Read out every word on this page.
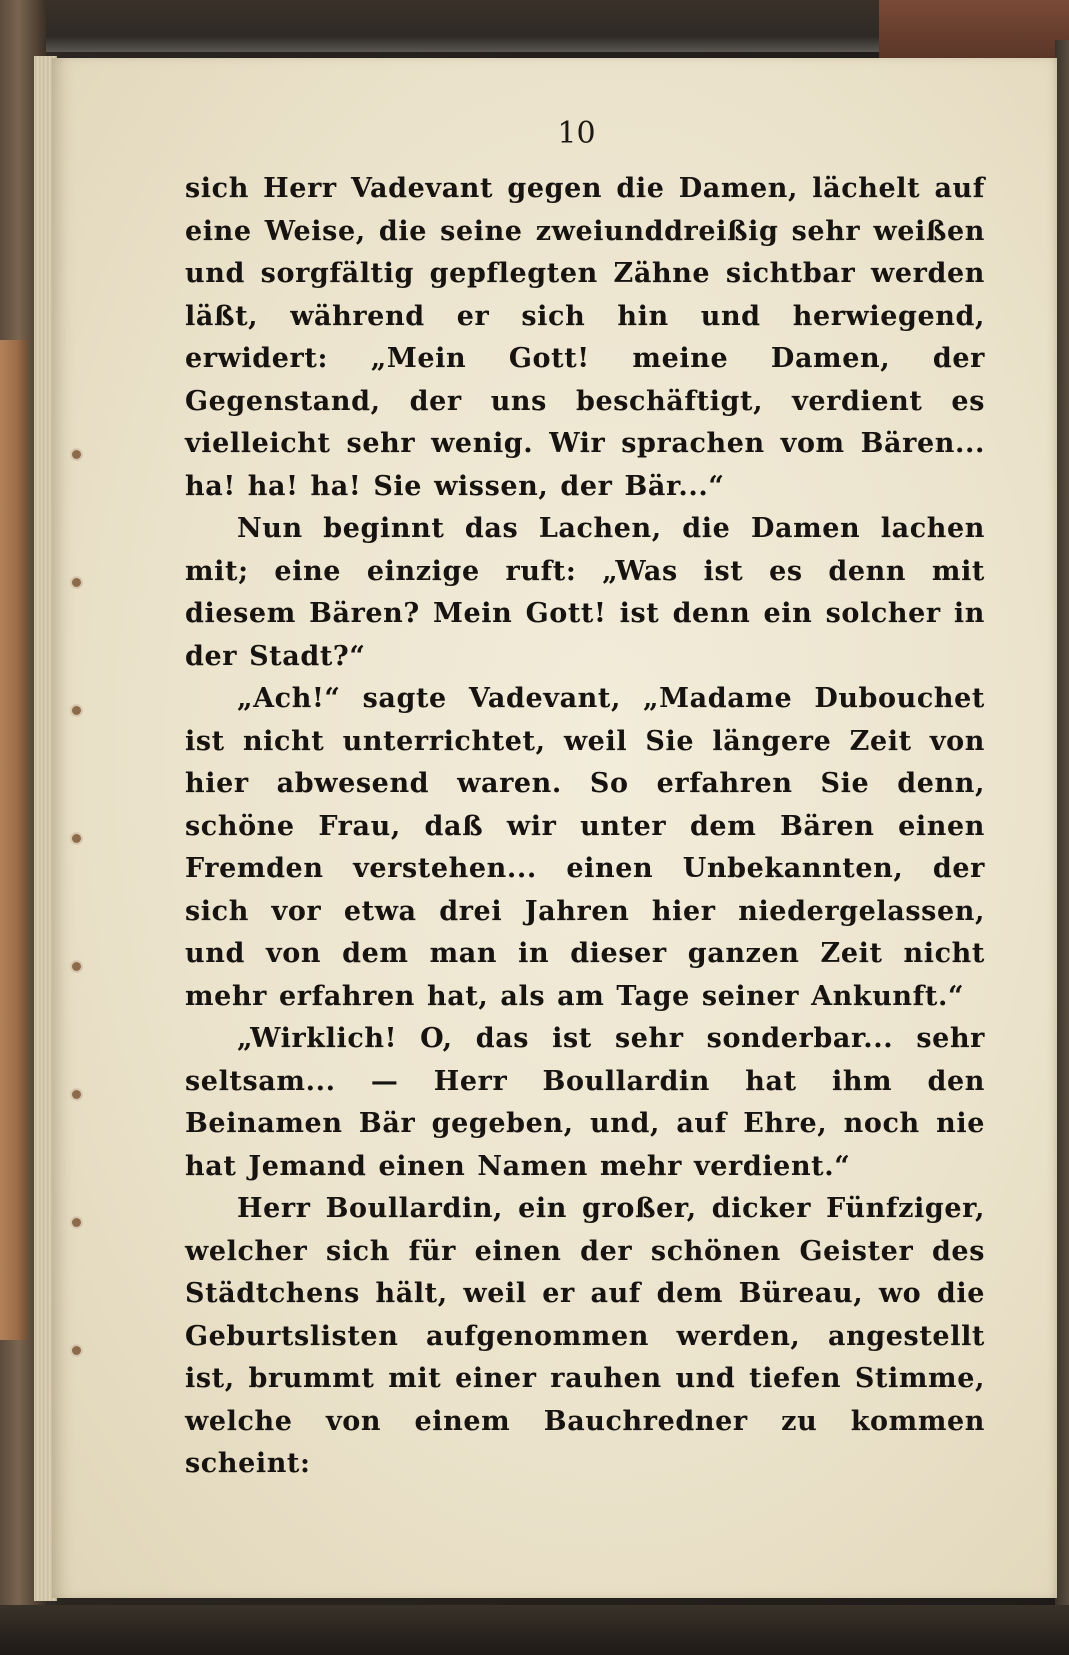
10

sich Herr Vadevant gegen die Damen, lächelt auf eine Weise, die seine zweiunddreißig sehr weißen und sorgfältig gepflegten Zähne sichtbar werden läßt, während er sich hin und herwiegend, erwidert: „Mein Gott! meine Damen, der Gegenstand, der uns beschäftigt, verdient es vielleicht sehr wenig. Wir sprachen vom Bären... ha! ha! ha! Sie wissen, der Bär...“

Nun beginnt das Lachen, die Damen lachen mit; eine einzige ruft: „Was ist es denn mit diesem Bären? Mein Gott! ist denn ein solcher in der Stadt?“

„Ach!“ sagte Vadevant, „Madame Dubouchet ist nicht unterrichtet, weil Sie längere Zeit von hier abwesend waren. So erfahren Sie denn, schöne Frau, daß wir unter dem Bären einen Fremden verstehen... einen Unbekannten, der sich vor etwa drei Jahren hier niedergelassen, und von dem man in dieser ganzen Zeit nicht mehr erfahren hat, als am Tage seiner Ankunft.“

„Wirklich! O, das ist sehr sonderbar... sehr seltsam... — Herr Boullardin hat ihm den Beinamen Bär gegeben, und, auf Ehre, noch nie hat Jemand einen Namen mehr verdient.“

Herr Boullardin, ein großer, dicker Fünfziger, welcher sich für einen der schönen Geister des Städtchens hält, weil er auf dem Büreau, wo die Geburtslisten aufgenommen werden, angestellt ist, brummt mit einer rauhen und tiefen Stimme, welche von einem Bauchredner zu kommen scheint:
